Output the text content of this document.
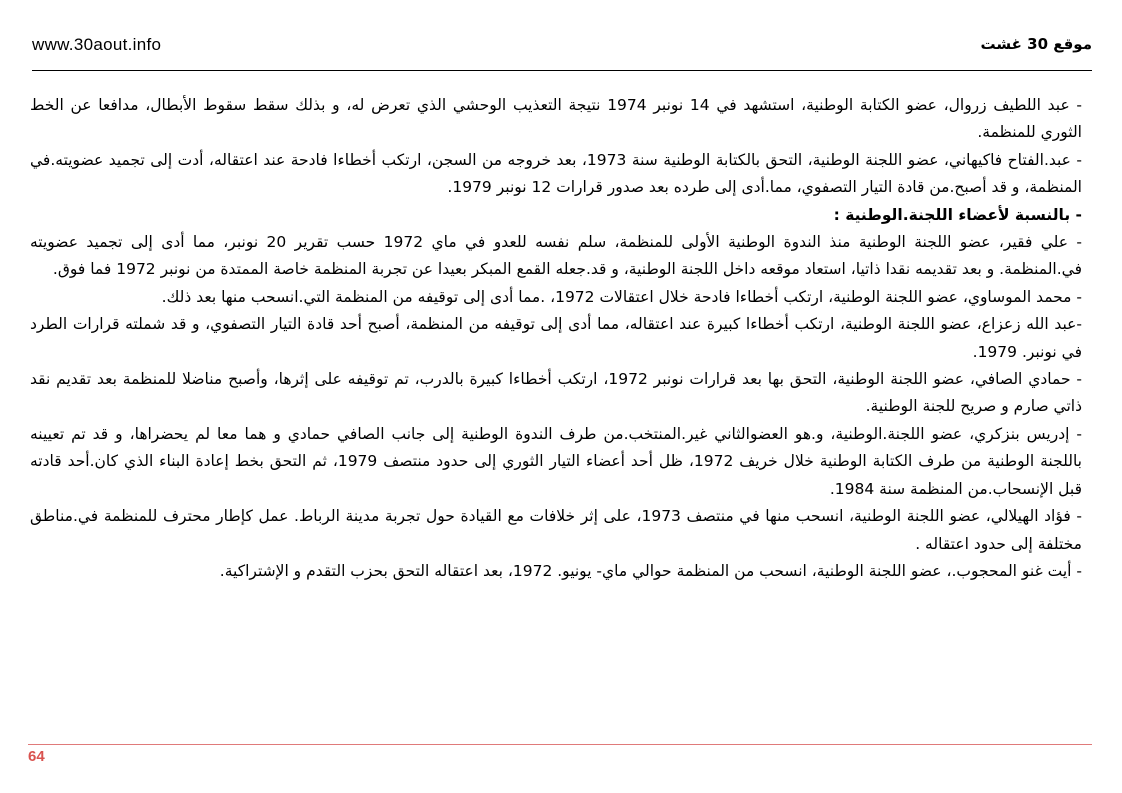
www.30aout.info	موقع 30 غشت

- عبد اللطيف زروال، عضو الكتابة الوطنية، استشهد في 14 نونبر 1974 نتيجة التعذيب الوحشي الذي تعرض له، و بذلك سقط سقوط الأبطال، مدافعا عن الخط الثوري للمنظمة.

- عبد.الفتاح فاكيهاني، عضو اللجنة الوطنية، التحق بالكتابة الوطنية سنة 1973، بعد خروجه من السجن، ارتكب أخطاءا فادحة عند اعتقاله، أدت إلى تجميد عضويته.في المنظمة، و قد أصبح.من قادة التيار التصفوي، مما.أدى إلى طرده بعد صدور قرارات 12 نونبر 1979.

- بالنسبة لأعضاء اللجنة.الوطنية :

- علي فقير، عضو اللجنة الوطنية منذ الندوة الوطنية الأولى للمنظمة، سلم نفسه للعدو في ماي 1972 حسب تقرير 20 نونبر، مما أدى إلى تجميد عضويته في.المنظمة. و بعد تقديمه نقدا ذاتيا، استعاد موقعه داخل اللجنة الوطنية، و قد.جعله القمع المبكر بعيدا عن تجربة المنظمة خاصة الممتدة من نونبر 1972 فما فوق.

- محمد الموساوي، عضو اللجنة الوطنية، ارتكب أخطاءا فادحة خلال اعتقالات 1972، .مما أدى إلى توقيفه من المنظمة التي.انسحب منها بعد ذلك.

-عبد الله زعزاع، عضو اللجنة الوطنية، ارتكب أخطاءا كبيرة عند اعتقاله، مما أدى إلى توقيفه من المنظمة، أصبح أحد قادة التيار التصفوي، و قد شملته قرارات الطرد في نونبر. 1979.

- حمادي الصافي، عضو اللجنة الوطنية، التحق بها بعد قرارات نونبر 1972، ارتكب أخطاءا كبيرة بالدرب، تم توقيفه على إثرها، وأصبح مناضلا للمنظمة بعد تقديم نقد ذاتي صارم و صريح للجنة الوطنية.

- إدريس بنزكري، عضو اللجنة.الوطنية، و.هو العضوالثاني غير.المنتخب.من طرف الندوة الوطنية إلى جانب الصافي حمادي و هما معا لم يحضراها، و قد تم تعيينه باللجنة الوطنية من طرف الكتابة الوطنية خلال خريف 1972، ظل أحد أعضاء التيار الثوري إلى حدود منتصف 1979، ثم التحق بخط إعادة البناء الذي كان.أحد قادته قبل الإنسحاب.من المنظمة سنة 1984.

- فؤاد الهيلالي، عضو اللجنة الوطنية، انسحب منها في منتصف 1973، على إثر خلافات مع القيادة حول تجربة مدينة الرباط. عمل كإطار محترف للمنظمة في.مناطق مختلفة إلى حدود اعتقاله .

- أيت غنو المحجوب.، عضو اللجنة الوطنية، انسحب من المنظمة حوالي ماي- يونيو. 1972، بعد اعتقاله التحق بحزب التقدم و الإشتراكية.

64
